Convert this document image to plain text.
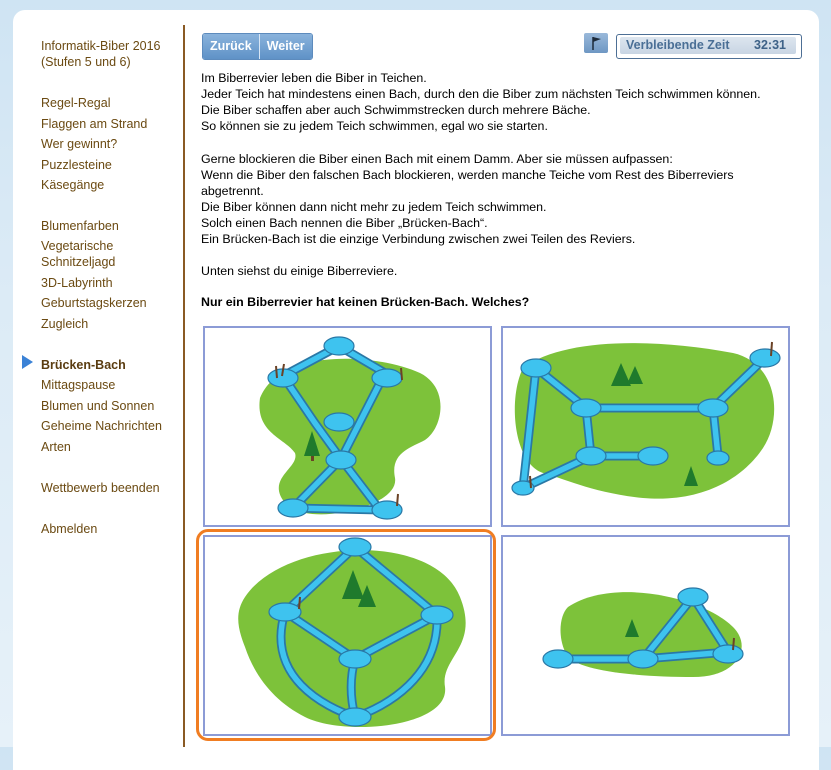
Informatik-Biber 2016
(Stufen 5 und 6)
Regel-Regal
Flaggen am Strand
Wer gewinnt?
Puzzlesteine
Käsegänge
Blumenfarben
Vegetarische
Schnitzeljagd
3D-Labyrinth
Geburtstagskerzen
Zugleich
Brücken-Bach
Mittagspause
Blumen und Sonnen
Geheime Nachrichten
Arten
Wettbewerb beenden
Abmelden
Zurück	Weiter	Verbleibende Zeit 32:31
Im Biberrevier leben die Biber in Teichen.
Jeder Teich hat mindestens einen Bach, durch den die Biber zum nächsten Teich schwimmen können.
Die Biber schaffen aber auch Schwimmstrecken durch mehrere Bäche.
So können sie zu jedem Teich schwimmen, egal wo sie starten.
Gerne blockieren die Biber einen Bach mit einem Damm. Aber sie müssen aufpassen:
Wenn die Biber den falschen Bach blockieren, werden manche Teiche vom Rest des Biberreviers
abgetrennt.
Die Biber können dann nicht mehr zu jedem Teich schwimmen.
Solch einen Bach nennen die Biber „Brücken-Bach“.
Ein Brücken-Bach ist die einzige Verbindung zwischen zwei Teilen des Reviers.
Unten siehst du einige Biberreviere.
Nur ein Biberrevier hat keinen Brücken-Bach. Welches?
